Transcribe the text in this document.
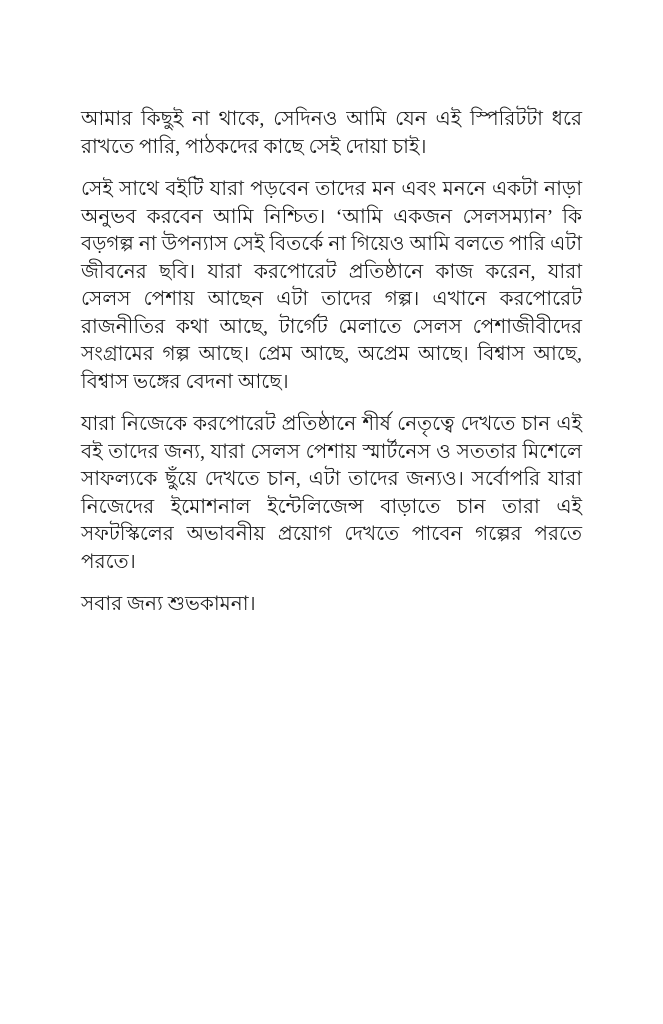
আমার কিছুই না থাকে, সেদিনও আমি যেন এই স্পিরিটটা ধরে রাখতে পারি, পাঠকদের কাছে সেই দোয়া চাই।

সেই সাথে বইটি যারা পড়বেন তাদের মন এবং মননে একটা নাড়া অনুভব করবেন আমি নিশ্চিত। ‘আমি একজন সেলসম্যান’ কি বড়গল্প না উপন্যাস সেই বিতর্কে না গিয়েও আমি বলতে পারি এটা জীবনের ছবি। যারা করপোরেট প্রতিষ্ঠানে কাজ করেন, যারা সেলস পেশায় আছেন এটা তাদের গল্প। এখানে করপোরেট রাজনীতির কথা আছে, টার্গেট মেলাতে সেলস পেশাজীবীদের সংগ্রামের গল্প আছে। প্রেম আছে, অপ্রেম আছে। বিশ্বাস আছে, বিশ্বাস ভঙ্গের বেদনা আছে।

যারা নিজেকে করপোরেট প্রতিষ্ঠানে শীর্ষ নেতৃত্বে দেখতে চান এই বই তাদের জন্য, যারা সেলস পেশায় স্মার্টনেস ও সততার মিশেলে সাফল্যকে ছুঁয়ে দেখতে চান, এটা তাদের জন্যও। সর্বোপরি যারা নিজেদের ইমোশনাল ইন্টেলিজেন্স বাড়াতে চান তারা এই সফটস্কিলের অভাবনীয় প্রয়োগ দেখতে পাবেন গল্পের পরতে পরতে।

সবার জন্য শুভকামনা।
